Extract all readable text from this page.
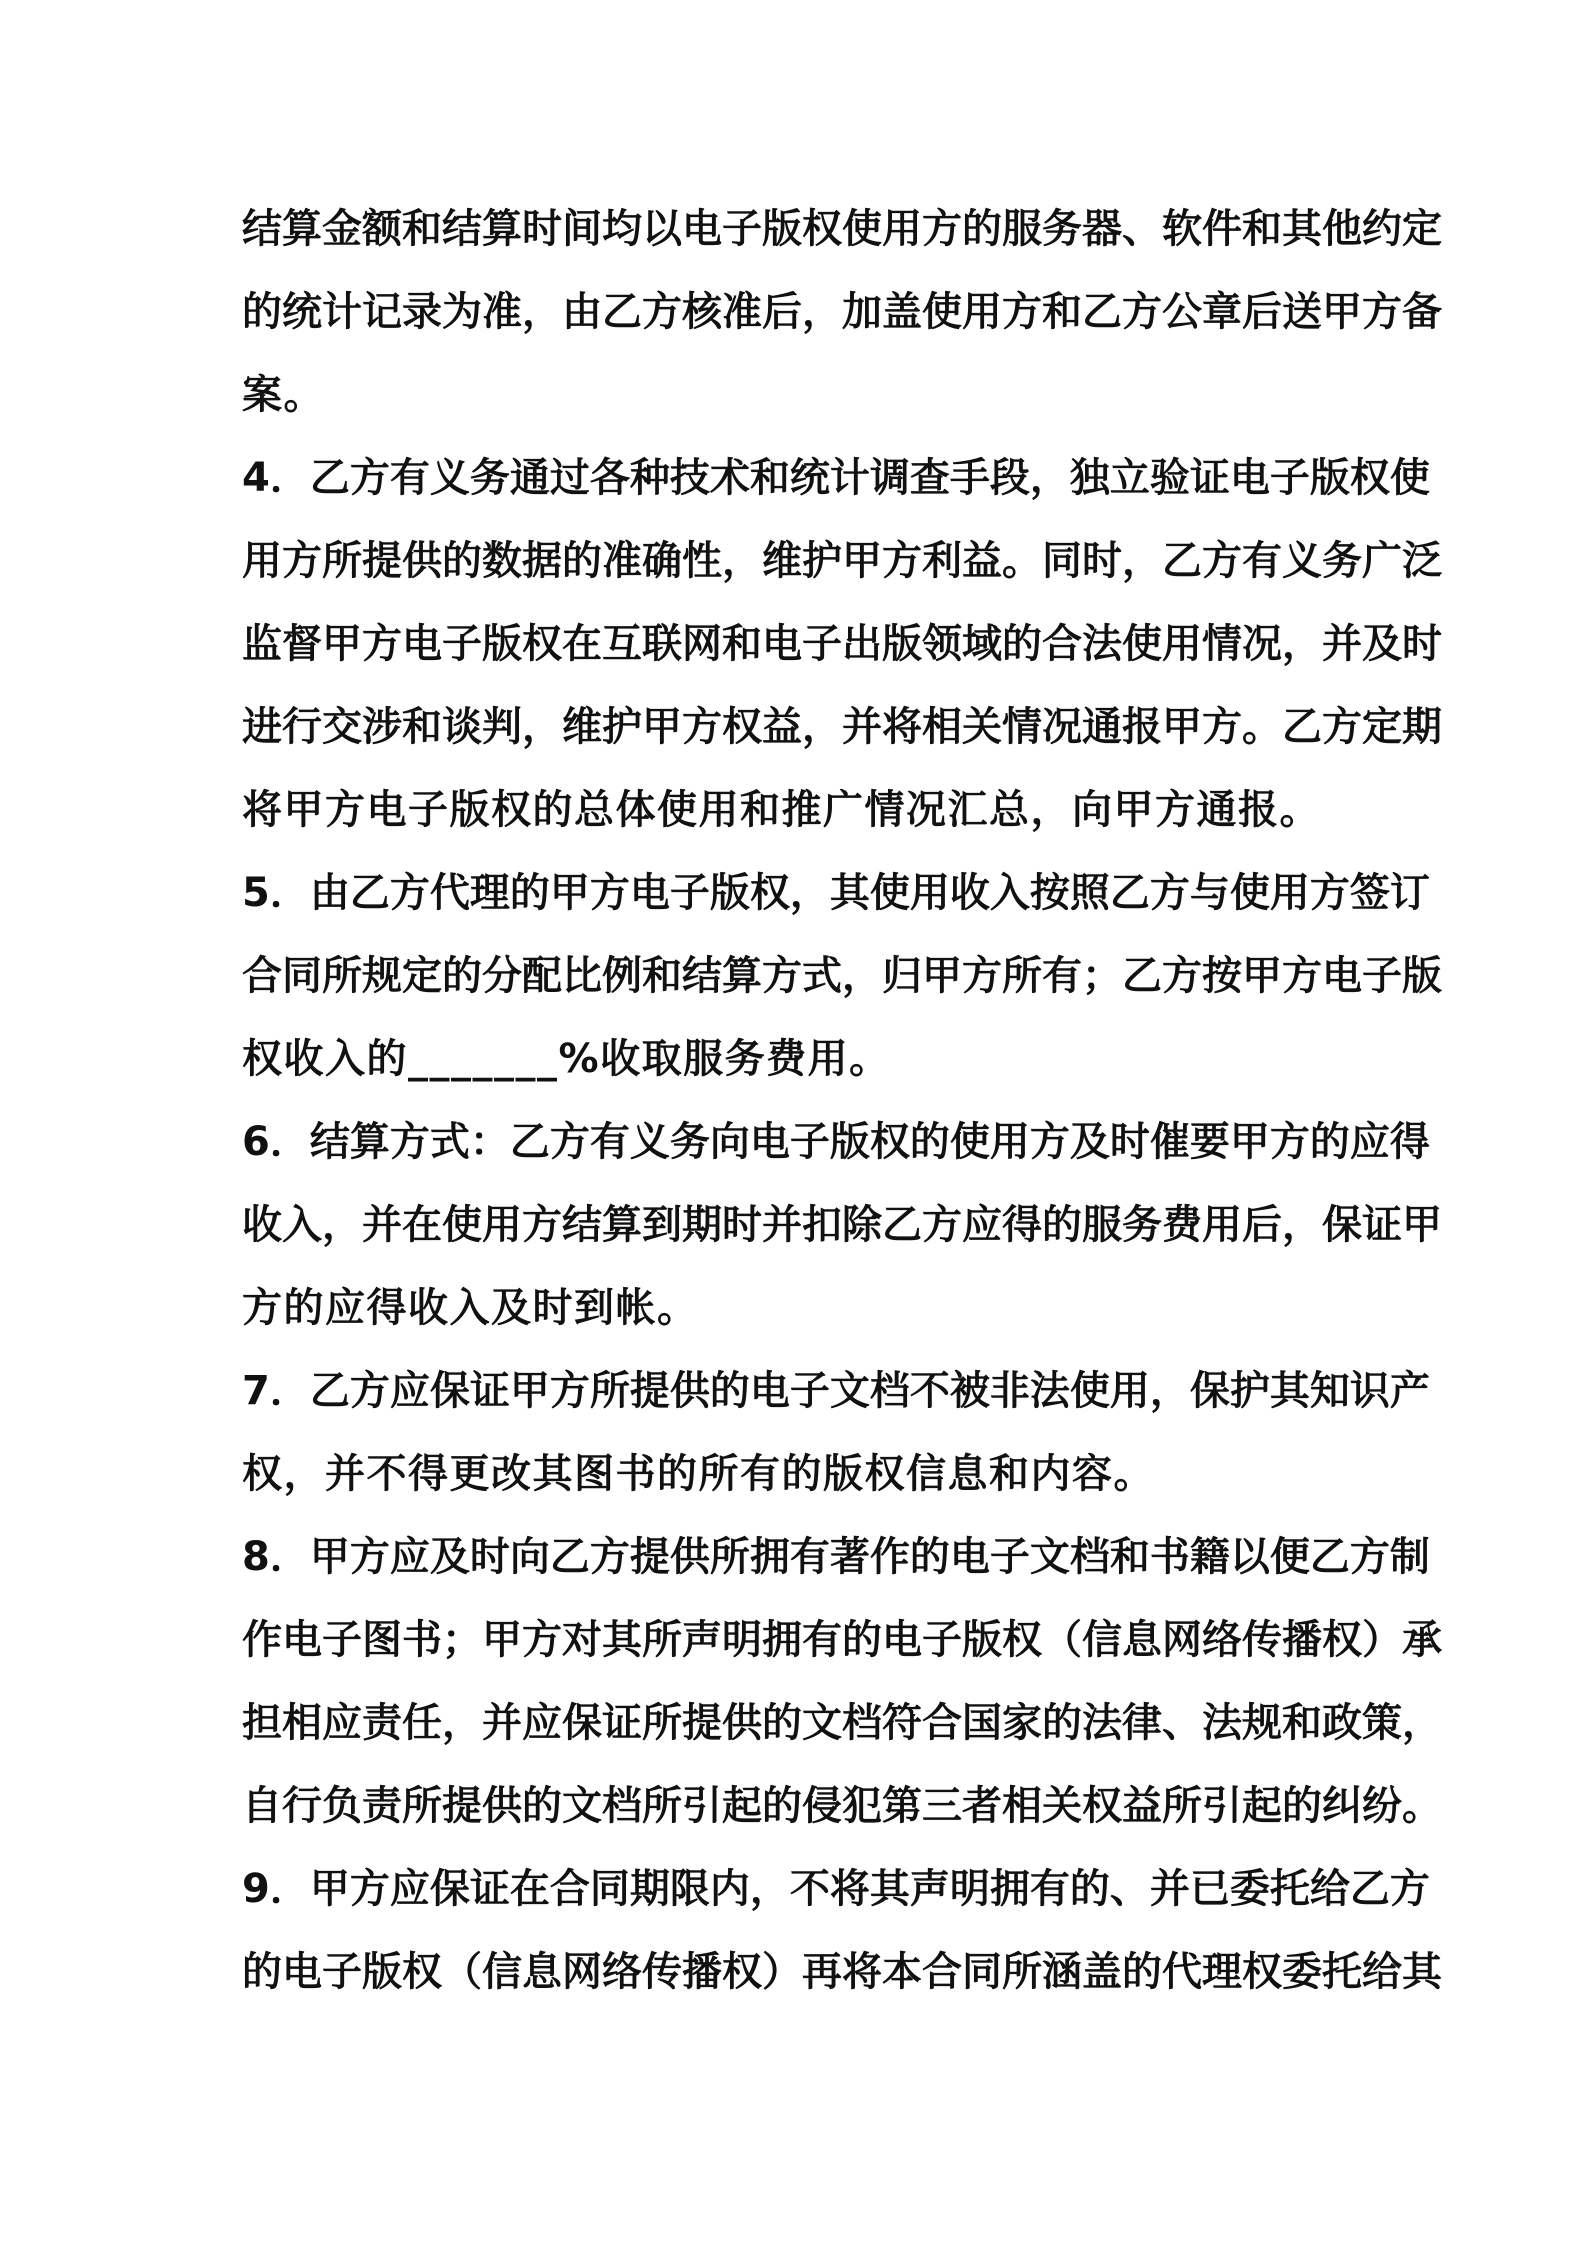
结算金额和结算时间均以电子版权使用方的服务器、软件和其他约定
的统计记录为准，由乙方核准后，加盖使用方和乙方公章后送甲方备
案。
4．乙方有义务通过各种技术和统计调查手段，独立验证电子版权使
用方所提供的数据的准确性，维护甲方利益。同时，乙方有义务广泛
监督甲方电子版权在互联网和电子出版领域的合法使用情况，并及时
进行交涉和谈判，维护甲方权益，并将相关情况通报甲方。乙方定期
将甲方电子版权的总体使用和推广情况汇总，向甲方通报。
5．由乙方代理的甲方电子版权，其使用收入按照乙方与使用方签订
合同所规定的分配比例和结算方式，归甲方所有；乙方按甲方电子版
权收入的_______%收取服务费用。
6．结算方式：乙方有义务向电子版权的使用方及时催要甲方的应得
收入，并在使用方结算到期时并扣除乙方应得的服务费用后，保证甲
方的应得收入及时到帐。
7．乙方应保证甲方所提供的电子文档不被非法使用，保护其知识产
权，并不得更改其图书的所有的版权信息和内容。
8．甲方应及时向乙方提供所拥有著作的电子文档和书籍以便乙方制
作电子图书；甲方对其所声明拥有的电子版权（信息网络传播权）承
担相应责任，并应保证所提供的文档符合国家的法律、法规和政策，
自行负责所提供的文档所引起的侵犯第三者相关权益所引起的纠纷。
9．甲方应保证在合同期限内，不将其声明拥有的、并已委托给乙方
的电子版权（信息网络传播权）再将本合同所涵盖的代理权委托给其
